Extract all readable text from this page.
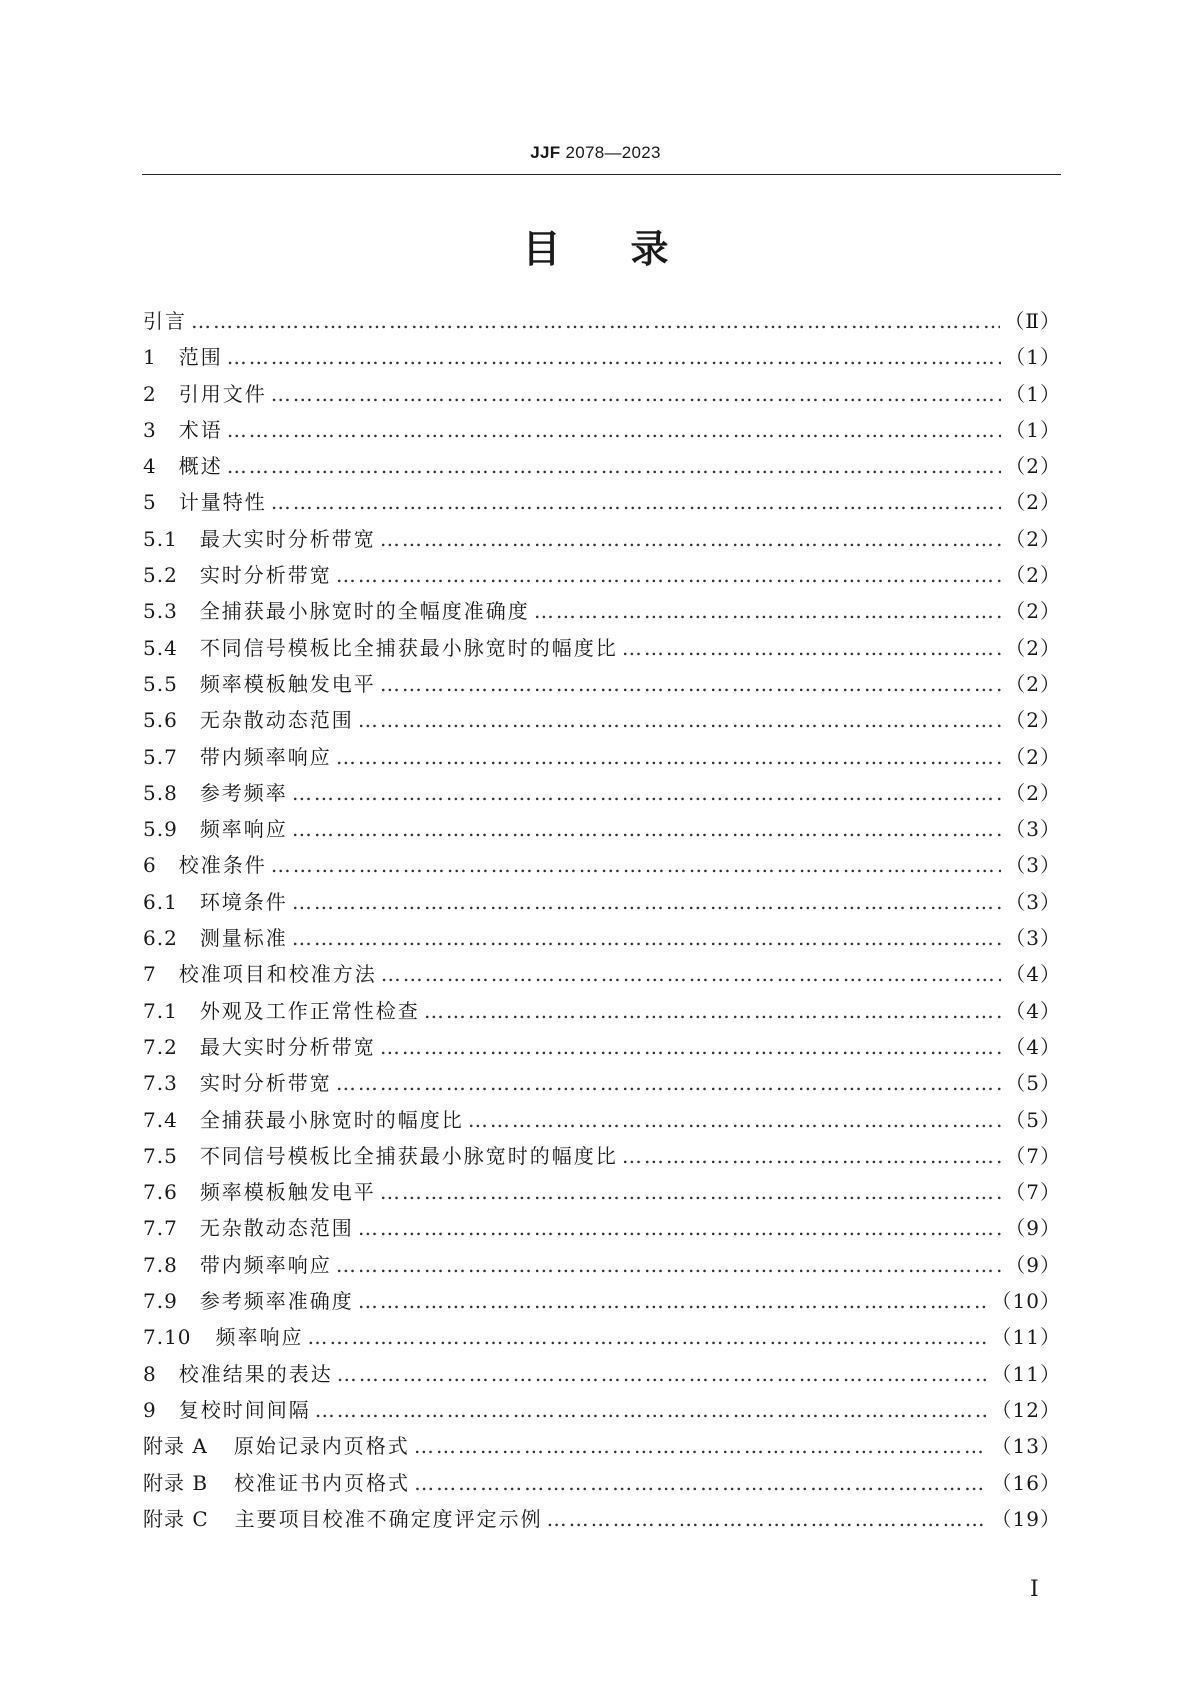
JJF 2078—2023
目录
引言 ……………………………………………………………………………………………………………………………………………………………………	（Ⅱ）
1 范围 ……………………………………………………………………………………………………………………………………………………………………	（1）
2 引用文件 ……………………………………………………………………………………………………………………………………………………………………	（1）
3 术语 ……………………………………………………………………………………………………………………………………………………………………	（1）
4 概述 ……………………………………………………………………………………………………………………………………………………………………	（2）
5 计量特性 ……………………………………………………………………………………………………………………………………………………………………	（2）
5.1 最大实时分析带宽 ……………………………………………………………………………………………………………………………………………………………………	（2）
5.2 实时分析带宽 ……………………………………………………………………………………………………………………………………………………………………	（2）
5.3 全捕获最小脉宽时的全幅度准确度 ……………………………………………………………………………………………………………………………………………………………………	（2）
5.4 不同信号模板比全捕获最小脉宽时的幅度比 ……………………………………………………………………………………………………………………………………………………………………	（2）
5.5 频率模板触发电平 ……………………………………………………………………………………………………………………………………………………………………	（2）
5.6 无杂散动态范围 ……………………………………………………………………………………………………………………………………………………………………	（2）
5.7 带内频率响应 ……………………………………………………………………………………………………………………………………………………………………	（2）
5.8 参考频率 ……………………………………………………………………………………………………………………………………………………………………	（2）
5.9 频率响应 ……………………………………………………………………………………………………………………………………………………………………	（3）
6 校准条件 ……………………………………………………………………………………………………………………………………………………………………	（3）
6.1 环境条件 ……………………………………………………………………………………………………………………………………………………………………	（3）
6.2 测量标准 ……………………………………………………………………………………………………………………………………………………………………	（3）
7 校准项目和校准方法 ……………………………………………………………………………………………………………………………………………………………………	（4）
7.1 外观及工作正常性检查 ……………………………………………………………………………………………………………………………………………………………………	（4）
7.2 最大实时分析带宽 ……………………………………………………………………………………………………………………………………………………………………	（4）
7.3 实时分析带宽 ……………………………………………………………………………………………………………………………………………………………………	（5）
7.4 全捕获最小脉宽时的幅度比 ……………………………………………………………………………………………………………………………………………………………………	（5）
7.5 不同信号模板比全捕获最小脉宽时的幅度比 ……………………………………………………………………………………………………………………………………………………………………	（7）
7.6 频率模板触发电平 ……………………………………………………………………………………………………………………………………………………………………	（7）
7.7 无杂散动态范围 ……………………………………………………………………………………………………………………………………………………………………	（9）
7.8 带内频率响应 ……………………………………………………………………………………………………………………………………………………………………	（9）
7.9 参考频率准确度 ……………………………………………………………………………………………………………………………………………………………………	（10）
7.10 频率响应 ……………………………………………………………………………………………………………………………………………………………………	（11）
8 校准结果的表达 ……………………………………………………………………………………………………………………………………………………………………	（11）
9 复校时间间隔 ……………………………………………………………………………………………………………………………………………………………………	（12）
附录 A 原始记录内页格式 ……………………………………………………………………………………………………………………………………………………………………	（13）
附录 B 校准证书内页格式 ……………………………………………………………………………………………………………………………………………………………………	（16）
附录 C 主要项目校准不确定度评定示例 ……………………………………………………………………………………………………………………………………………………………………	（19）
Ⅰ
